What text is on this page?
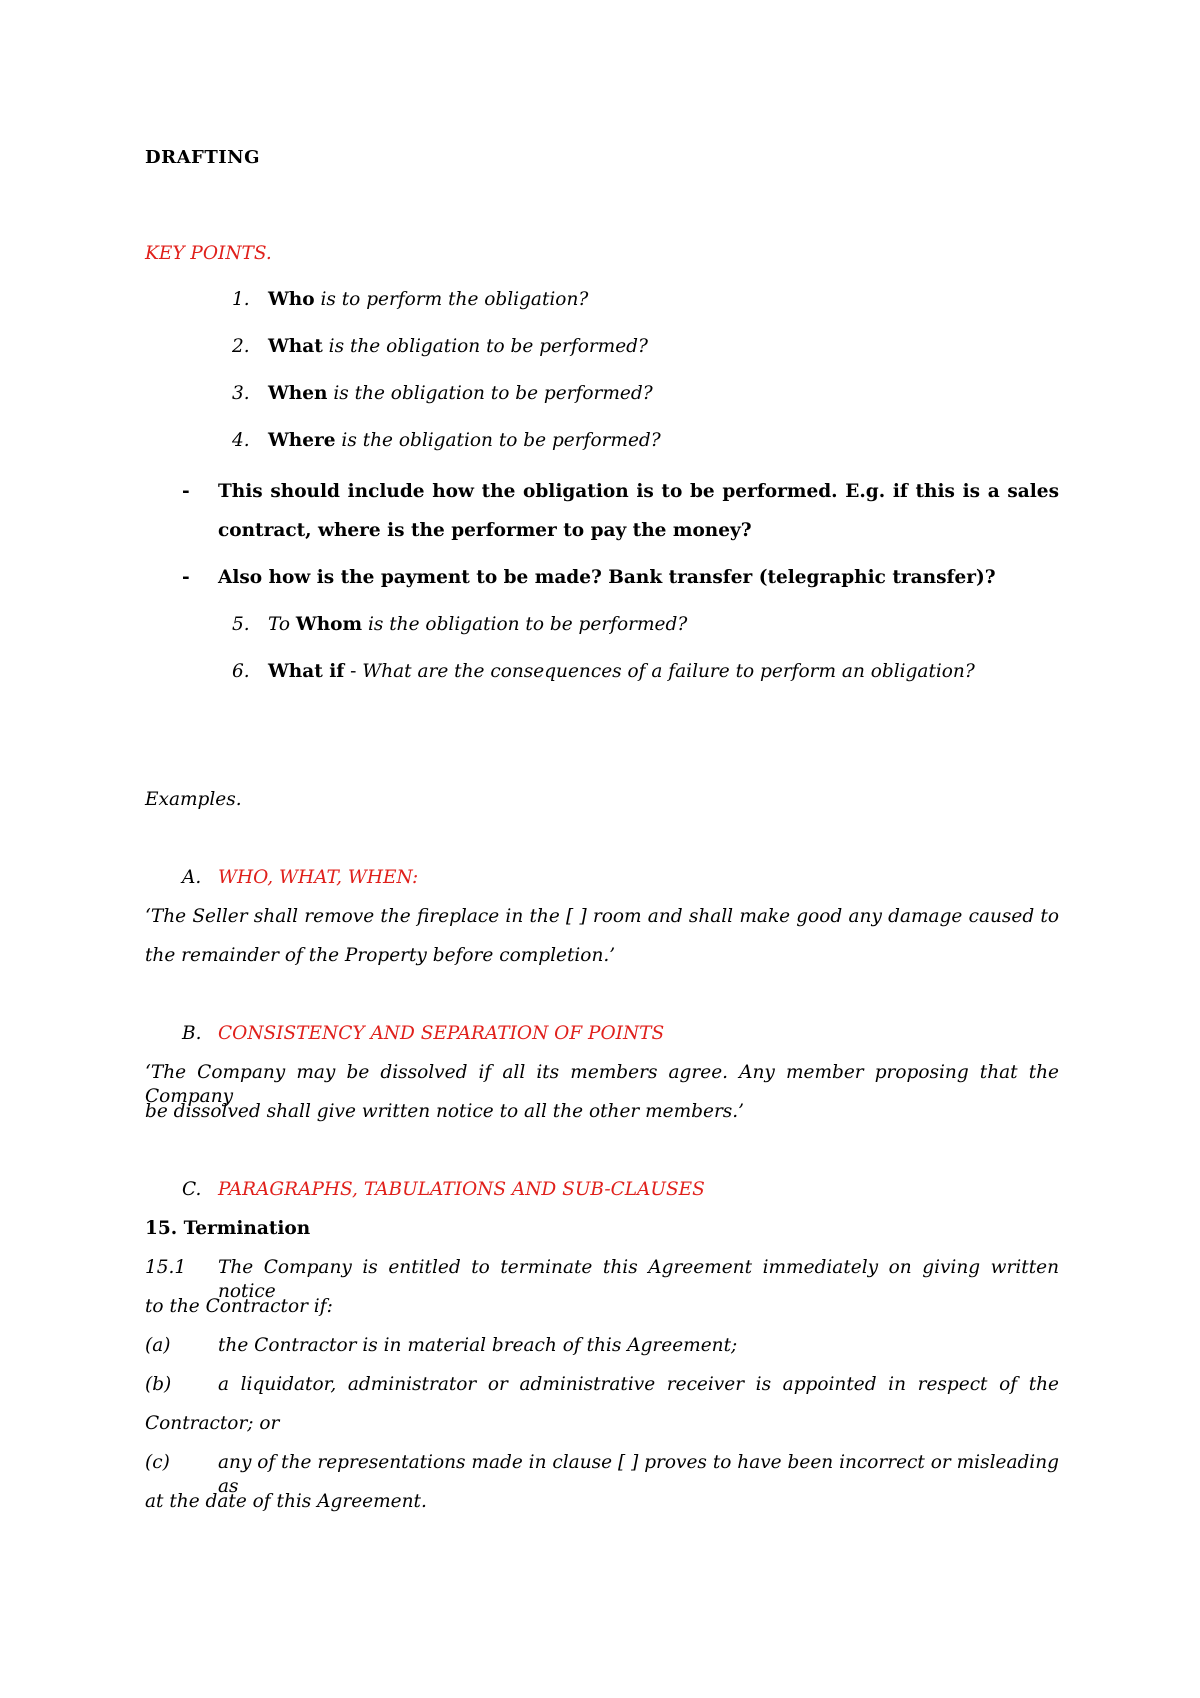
DRAFTING
KEY POINTS.
1. Who is to perform the obligation?
2. What is the obligation to be performed?
3. When is the obligation to be performed?
4. Where is the obligation to be performed?
- This should include how the obligation is to be performed. E.g. if this is a sales
contract, where is the performer to pay the money?
- Also how is the payment to be made? Bank transfer (telegraphic transfer)?
5. To Whom is the obligation to be performed?
6. What if - What are the consequences of a failure to perform an obligation?
Examples.
A. WHO, WHAT, WHEN:
‘The Seller shall remove the fireplace in the [ ] room and shall make good any damage caused to
the remainder of the Property before completion.’
B. CONSISTENCY AND SEPARATION OF POINTS
‘The Company may be dissolved if all its members agree. Any member proposing that the Company
be dissolved shall give written notice to all the other members.’
C. PARAGRAPHS, TABULATIONS AND SUB-CLAUSES
15. Termination
15.1 The Company is entitled to terminate this Agreement immediately on giving written notice
to the Contractor if:
(a)	the Contractor is in material breach of this Agreement;
(b)	a liquidator, administrator or administrative receiver is appointed in respect of the
Contractor; or
(c)	any of the representations made in clause [ ] proves to have been incorrect or misleading as
at the date of this Agreement.
